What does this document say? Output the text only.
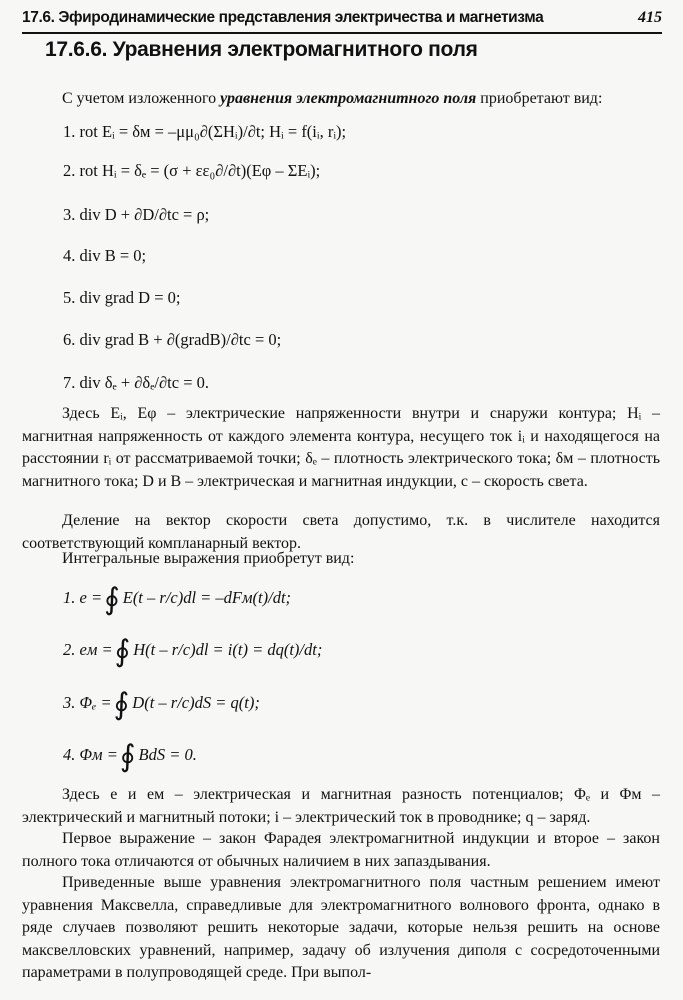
17.6. Эфиродинамические представления электричества и магнетизма	415
17.6.6. Уравнения электромагнитного поля
С учетом изложенного уравнения электромагнитного поля приобретают вид:
1. rot Eᵢ = δм = –μμ₀∂(ΣHᵢ)/∂t; Hᵢ = f(iᵢ, rᵢ);
2. rot Hᵢ = δₑ = (σ + εε₀∂/∂t)(Eφ – ΣEᵢ);
3. div D + ∂D/∂tc = ρ;
4. div B = 0;
5. div grad D = 0;
6. div grad B + ∂(gradB)/∂tc = 0;
7. div δₑ + ∂δₑ/∂tc = 0.
Здесь Eᵢ, Eφ – электрические напряженности внутри и снаружи контура; Hᵢ – магнитная напряженность от каждого элемента контура, несущего ток iᵢ и находящегося на расстоянии rᵢ от рассматриваемой точки; δₑ – плотность электрического тока; δм – плотность магнитного тока; D и B – электрическая и магнитная индукции, c – скорость света.
Деление на вектор скорости света допустимо, т.к. в числителе находится соответствующий компланарный вектор.
Интегральные выражения приобретут вид:
1. e =∮ E(t – r/c)dl = –dFм(t)/dt;
2. eм =∮ H(t – r/c)dl = i(t) = dq(t)/dt;
3. Φₑ =∮ D(t – r/c)dS = q(t);
4. Φм =∮ BdS = 0.
Здесь e и eм – электрическая и магнитная разность потенциалов; Φₑ и Φм – электрический и магнитный потоки; i – электрический ток в проводнике; q – заряд.
Первое выражение – закон Фарадея электромагнитной индукции и второе – закон полного тока отличаются от обычных наличием в них запаздывания.
Приведенные выше уравнения электромагнитного поля частным решением имеют уравнения Максвелла, справедливые для электромагнитного волнового фронта, однако в ряде случаев позволяют решить некоторые задачи, которые нельзя решить на основе максвелловских уравнений, например, задачу об излучения диполя с сосредоточенными параметрами в полупроводящей среде. При выпол-
